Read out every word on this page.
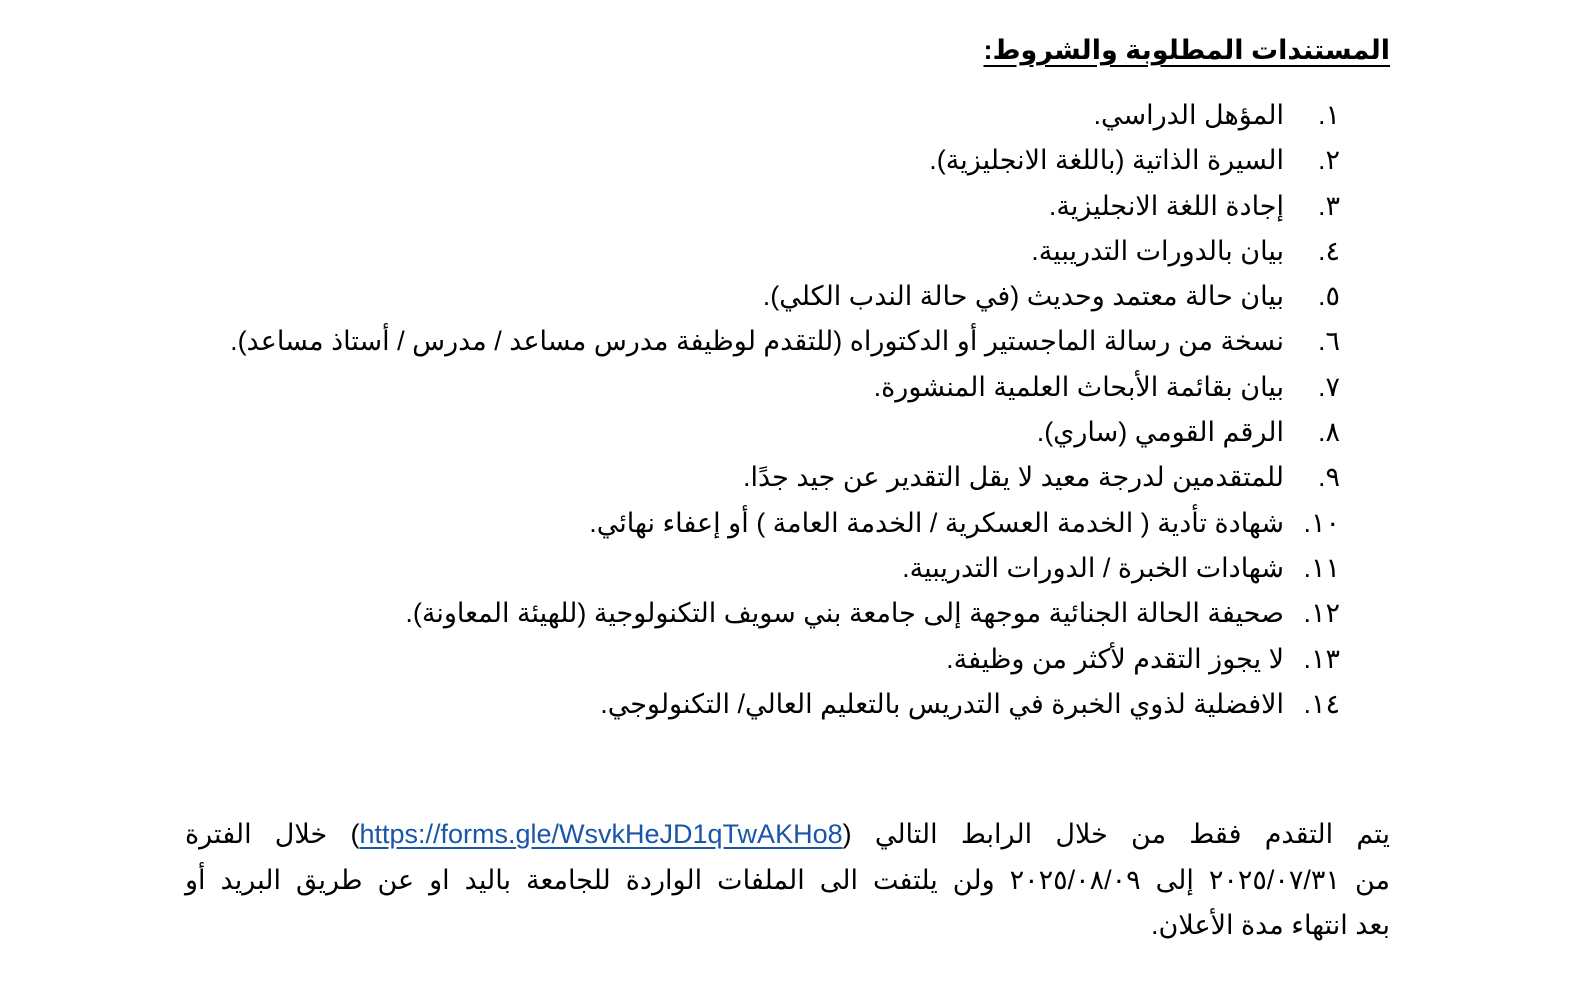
المستندات المطلوبة والشروط:
١.
المؤهل الدراسي.
٢.
السيرة الذاتية (باللغة الانجليزية).
٣.
إجادة اللغة الانجليزية.
٤.
بيان بالدورات التدريبية.
٥.
بيان حالة معتمد وحديث (في حالة الندب الكلي).
٦.
نسخة من رسالة الماجستير أو الدكتوراه (للتقدم لوظيفة مدرس مساعد / مدرس / أستاذ مساعد).
٧.
بيان بقائمة الأبحاث العلمية المنشورة.
٨.
الرقم القومي (ساري).
٩.
للمتقدمين لدرجة معيد لا يقل التقدير عن جيد جدًا.
١٠.
شهادة تأدية ( الخدمة العسكرية / الخدمة العامة ) أو إعفاء نهائي.
١١.
شهادات الخبرة / الدورات التدريبية.
١٢.
صحيفة الحالة الجنائية موجهة إلى جامعة بني سويف التكنولوجية (للهيئة المعاونة).
١٣.
لا يجوز التقدم لأكثر من وظيفة.
١٤.
الافضلية لذوي الخبرة في التدريس بالتعليم العالي/ التكنولوجي.
يتم التقدم فقط من خلال الرابط التالي (https://forms.gle/WsvkHeJD1qTwAKHo8) خلال الفترة
من ٢٠٢٥/٠٧/٣١ إلى ٢٠٢٥/٠٨/٠٩ ولن يلتفت الى الملفات الواردة للجامعة باليد او عن طريق البريد أو
بعد انتهاء مدة الأعلان.
